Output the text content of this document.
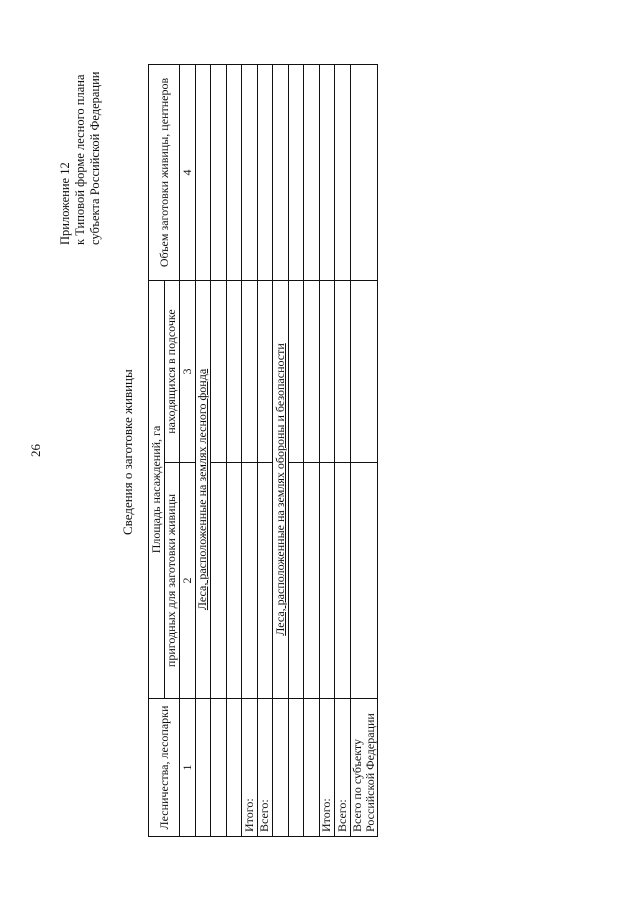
26
Приложение 12 к Типовой форме лесного плана субъекта Российской Федерации
Сведения о заготовке живицы
Лесничества, лесопарки	Площадь насаждений, га		Объем заготовки живицы, центнеров
	пригодных для заготовки живицы	находящихся в подсочке	
1	2	3	4
	Леса, расположенные на землях лесного фонда		

Итого:			
Всего:			
	Леса, расположенные на землях обороны и безопасности		

Итого:			
Всего:			

Всего по субъекту Российской Федерации			
